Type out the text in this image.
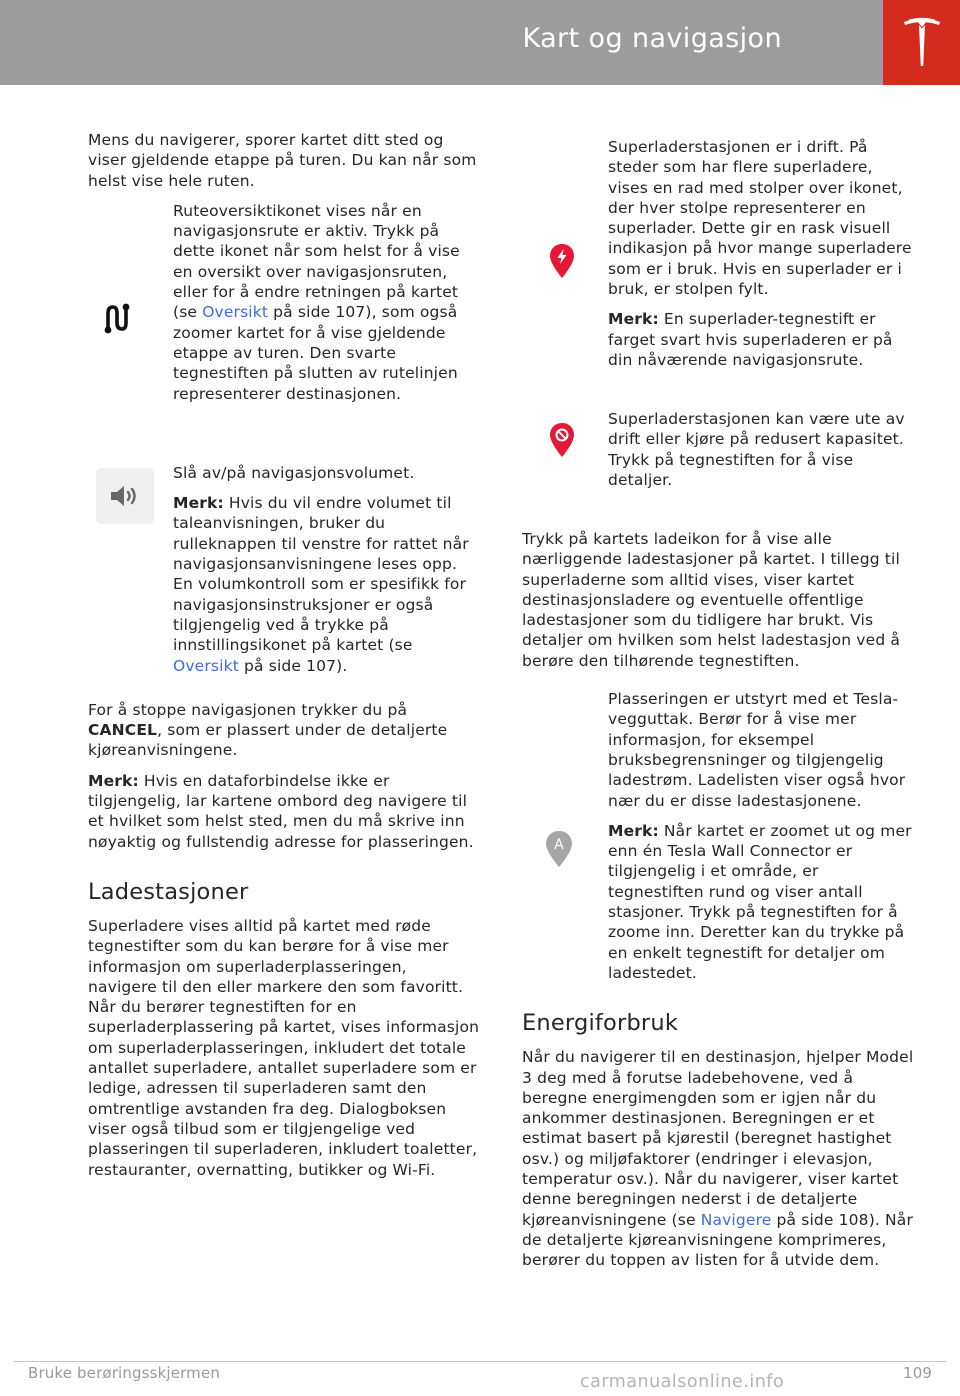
Kart og navigasjon

Mens du navigerer, sporer kartet ditt sted og viser gjeldende etappe på turen. Du kan når som helst vise hele ruten.

Ruteoversiktikonet vises når en navigasjonsrute er aktiv. Trykk på dette ikonet når som helst for å vise en oversikt over navigasjonsruten, eller for å endre retningen på kartet (se Oversikt på side 107), som også zoomer kartet for å vise gjeldende etappe av turen. Den svarte tegnestiften på slutten av rutelinjen representerer destinasjonen.

Slå av/på navigasjonsvolumet.

Merk: Hvis du vil endre volumet til taleanvisningen, bruker du rulleknappen til venstre for rattet når navigasjonsanvisningene leses opp. En volumkontroll som er spesifikk for navigasjonsinstruksjoner er også tilgjengelig ved å trykke på innstillingsikonet på kartet (se Oversikt på side 107).

For å stoppe navigasjonen trykker du på CANCEL, som er plassert under de detaljerte kjøreanvisningene.

Merk: Hvis en dataforbindelse ikke er tilgjengelig, lar kartene ombord deg navigere til et hvilket som helst sted, men du må skrive inn nøyaktig og fullstendig adresse for plasseringen.

Ladestasjoner

Superladere vises alltid på kartet med røde tegnestifter som du kan berøre for å vise mer informasjon om superladerplasseringen, navigere til den eller markere den som favoritt. Når du berører tegnestiften for en superladerplassering på kartet, vises informasjon om superladerplasseringen, inkludert det totale antallet superladere, antallet superladere som er ledige, adressen til superladeren samt den omtrentlige avstanden fra deg. Dialogboksen viser også tilbud som er tilgjengelige ved plasseringen til superladeren, inkludert toaletter, restauranter, overnatting, butikker og Wi-Fi.

Superladerstasjonen er i drift. På steder som har flere superladere, vises en rad med stolper over ikonet, der hver stolpe representerer en superlader. Dette gir en rask visuell indikasjon på hvor mange superladere som er i bruk. Hvis en superlader er i bruk, er stolpen fylt.

Merk: En superlader-tegnestift er farget svart hvis superladeren er på din nåværende navigasjonsrute.

Superladerstasjonen kan være ute av drift eller kjøre på redusert kapasitet. Trykk på tegnestiften for å vise detaljer.

Trykk på kartets ladeikon for å vise alle nærliggende ladestasjoner på kartet. I tillegg til superladerne som alltid vises, viser kartet destinasjonsladere og eventuelle offentlige ladestasjoner som du tidligere har brukt. Vis detaljer om hvilken som helst ladestasjon ved å berøre den tilhørende tegnestiften.

A

Plasseringen er utstyrt med et Tesla-vegguttak. Berør for å vise mer informasjon, for eksempel bruksbegrensninger og tilgjengelig ladestrøm. Ladelisten viser også hvor nær du er disse ladestasjonene.

Merk: Når kartet er zoomet ut og mer enn én Tesla Wall Connector er tilgjengelig i et område, er tegnestiften rund og viser antall stasjoner. Trykk på tegnestiften for å zoome inn. Deretter kan du trykke på en enkelt tegnestift for detaljer om ladestedet.

Energiforbruk

Når du navigerer til en destinasjon, hjelper Model 3 deg med å forutse ladebehovene, ved å beregne energimengden som er igjen når du ankommer destinasjonen. Beregningen er et estimat basert på kjørestil (beregnet hastighet osv.) og miljøfaktorer (endringer i elevasjon, temperatur osv.). Når du navigerer, viser kartet denne beregningen nederst i de detaljerte kjøreanvisningene (se Navigere på side 108). Når de detaljerte kjøreanvisningene komprimeres, berører du toppen av listen for å utvide dem.

Bruke berøringsskjermen	109
carmanualsonline.info
